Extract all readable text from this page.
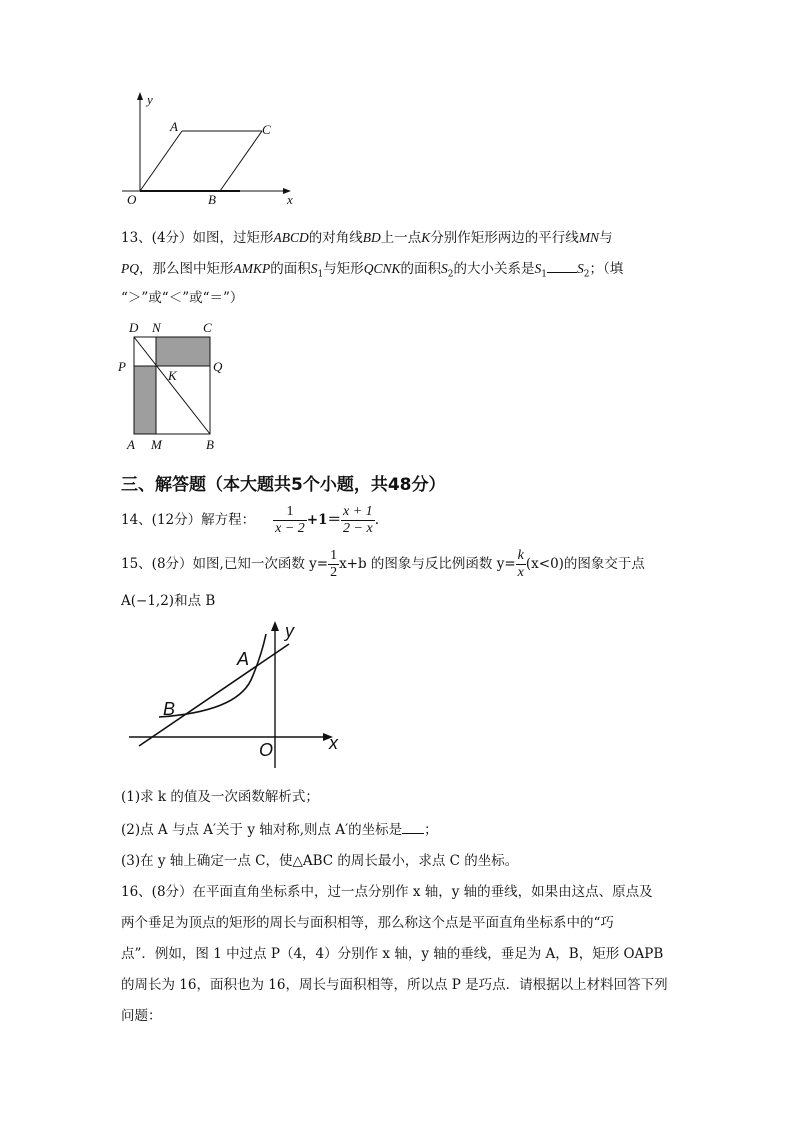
y
A	C
O	B	x
13、(4分）如图，过矩形ABCD的对角线BD上一点K分别作矩形两边的平行线MN与
PQ，那么图中矩形AMKP的面积$S_1$与矩形QCNK的面积$S_2$的大小关系是$S_1$ $S_2$；（填
“＞”或“＜”或“＝”）
D N	C
P
K
Q
A M	B
三、解答题（本大题共5个小题，共48分）
14、(12分）解方程： $\frac{1}{x - 2} +1= \frac{x + 1}{2 - x}$ .
15、(8分）如图,已知一次函数 $y= \frac{1}{2} x+b$ 的图象与反比例函数 $y= \frac{k}{x} (x<0)$的图象交于点
A(−1,2)和点 B
y
A
B
O	x
(1)求 k 的值及一次函数解析式；
(2)点 A 与点 A′关于 y 轴对称,则点 A′的坐标是 ；
(3)在 y 轴上确定一点 C，使△ABC 的周长最小，求点 C 的坐标。
16、(8分）在平面直角坐标系中，过一点分别作 x 轴，y 轴的垂线，如果由这点、原点及
两个垂足为顶点的矩形的周长与面积相等，那么称这个点是平面直角坐标系中的“巧
点”．例如，图 1 中过点 P（4，4）分别作 x 轴，y 轴的垂线，垂足为 A，B，矩形 OAPB
的周长为 16，面积也为 16，周长与面积相等，所以点 P 是巧点．请根据以上材料回答下列
问题：
